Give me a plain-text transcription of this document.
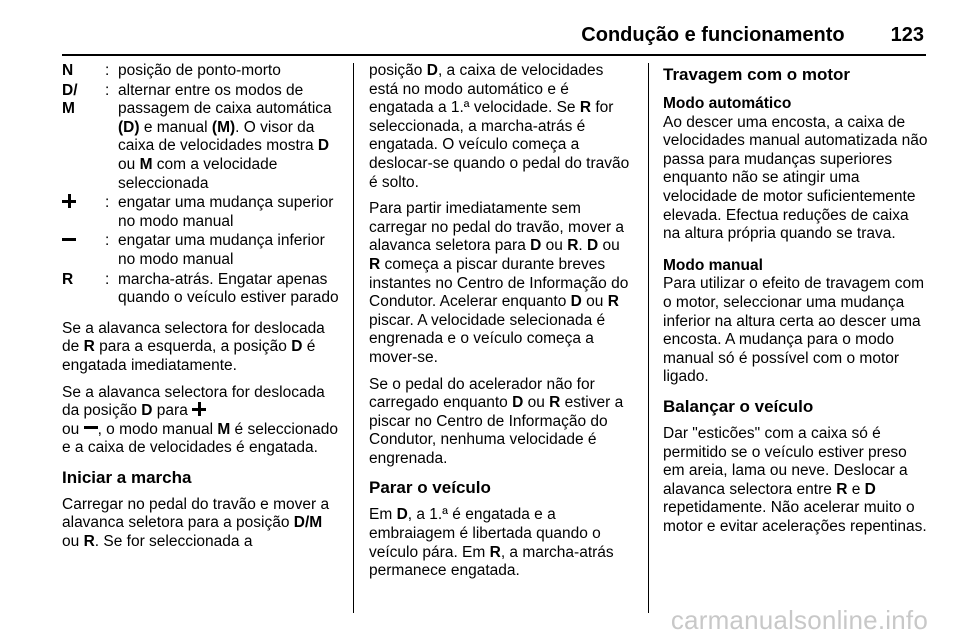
Condução e funcionamento 123
N	: posição de ponto-morto
D/
M
: alternar entre os modos de passagem de caixa automática (D) e manual (M). O visor da caixa de velocidades mostra D ou M com a velocidade seleccionada
: engatar uma mudança superior no modo manual
: engatar uma mudança inferior no modo manual
R	: marcha-atrás. Engatar apenas quando o veículo estiver parado

Se a alavanca selectora for deslocada de R para a esquerda, a posição D é engatada imediatamente.

Se a alavanca selectora for deslocada da posição D para
ou , o modo manual M é seleccionado e a caixa de velocidades é engatada.

Iniciar a marcha

Carregar no pedal do travão e mover a alavanca seletora para a posição D/M ou R. Se for seleccionada a

posição D, a caixa de velocidades está no modo automático e é engatada a 1.ª velocidade. Se R for seleccionada, a marcha-atrás é engatada. O veículo começa a deslocar-se quando o pedal do travão é solto.

Para partir imediatamente sem carregar no pedal do travão, mover a alavanca seletora para D ou R. D ou R começa a piscar durante breves instantes no Centro de Informação do Condutor. Acelerar enquanto D ou R piscar. A velocidade selecionada é engrenada e o veículo começa a mover-se.

Se o pedal do acelerador não for carregado enquanto D ou R estiver a piscar no Centro de Informação do Condutor, nenhuma velocidade é engrenada.

Parar o veículo

Em D, a 1.ª é engatada e a embraiagem é libertada quando o veículo pára. Em R, a marcha-atrás permanece engatada.

Travagem com o motor
Modo automático

Ao descer uma encosta, a caixa de velocidades manual automatizada não passa para mudanças superiores enquanto não se atingir uma velocidade de motor suficientemente elevada. Efectua reduções de caixa na altura própria quando se trava.

Modo manual

Para utilizar o efeito de travagem com o motor, seleccionar uma mudança inferior na altura certa ao descer uma encosta. A mudança para o modo manual só é possível com o motor ligado.

Balançar o veículo

Dar "esticões" com a caixa só é permitido se o veículo estiver preso em areia, lama ou neve. Deslocar a alavanca selectora entre R e D repetidamente. Não acelerar muito o motor e evitar acelerações repentinas.

carmanualsonline.info
